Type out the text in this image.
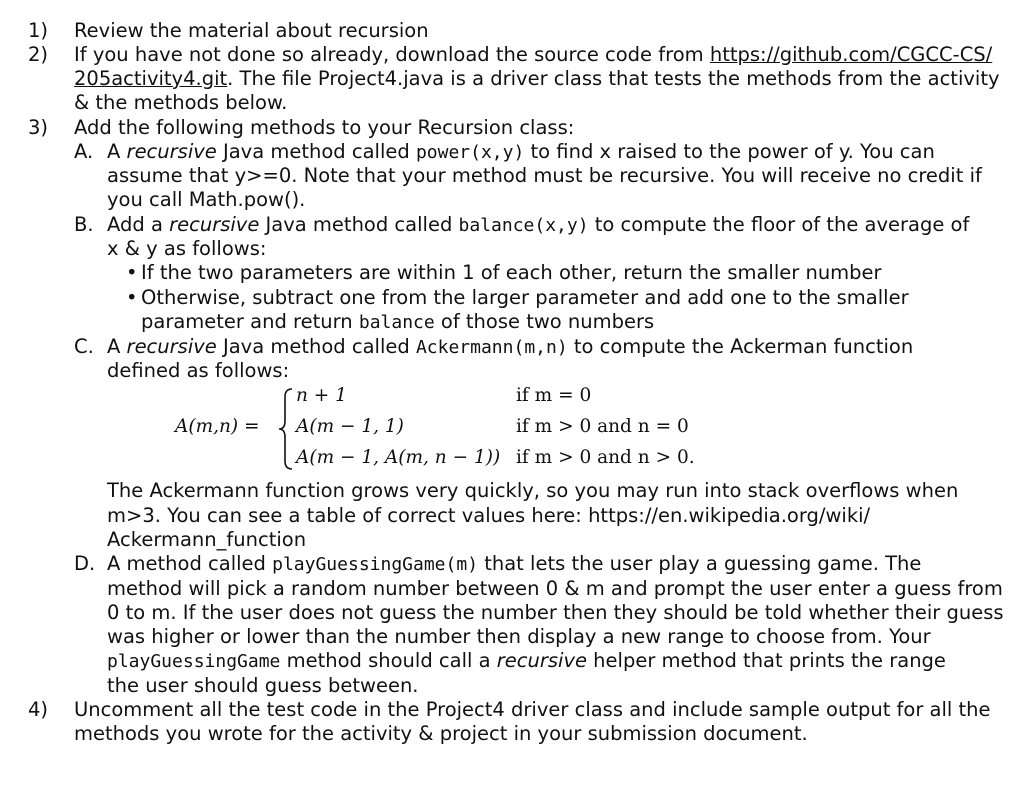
1) Review the material about recursion
2) If you have not done so already, download the source code from https://github.com/CGCC-CS/
205activity4.git. The file Project4.java is a driver class that tests the methods from the activity
& the methods below.
3) Add the following methods to your Recursion class:
A. A recursive Java method called power(x,y) to find x raised to the power of y. You can
assume that y>=0. Note that your method must be recursive. You will receive no credit if
you call Math.pow().
B. Add a recursive Java method called balance(x,y) to compute the floor of the average of
x & y as follows:
• If the two parameters are within 1 of each other, return the smaller number
• Otherwise, subtract one from the larger parameter and add one to the smaller
parameter and return balance of those two numbers
C. A recursive Java method called Ackermann(m,n) to compute the Ackerman function
defined as follows:
A(m,n) =
n + 1	if m = 0
A(m − 1, 1)	if m > 0 and n = 0
A(m − 1, A(m, n − 1)) if m > 0 and n > 0.
The Ackermann function grows very quickly, so you may run into stack overflows when
m>3. You can see a table of correct values here: https://en.wikipedia.org/wiki/
Ackermann_function
D. A method called playGuessingGame(m) that lets the user play a guessing game. The
method will pick a random number between 0 & m and prompt the user enter a guess from
0 to m. If the user does not guess the number then they should be told whether their guess
was higher or lower than the number then display a new range to choose from. Your
playGuessingGame method should call a recursive helper method that prints the range
the user should guess between.
4) Uncomment all the test code in the Project4 driver class and include sample output for all the
methods you wrote for the activity & project in your submission document.
